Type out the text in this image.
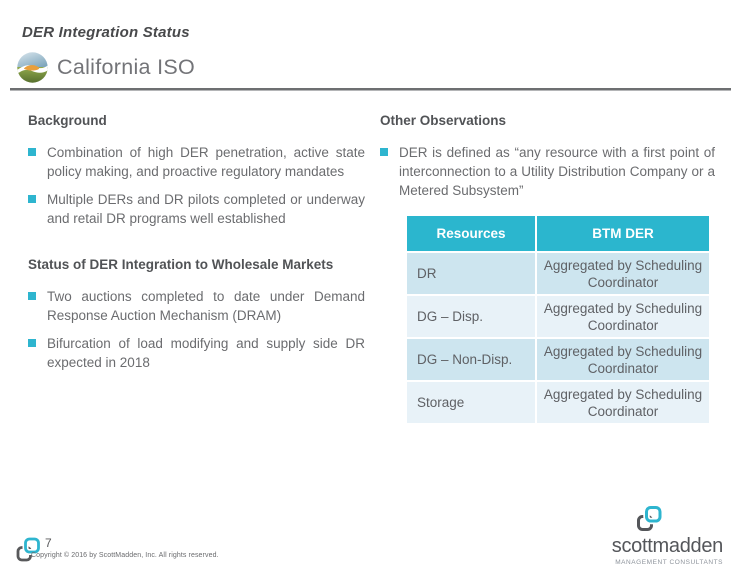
DER Integration Status
California ISO
Background
Combination of high DER penetration, active state policy making, and proactive regulatory mandates
Multiple DERs and DR pilots completed or underway and retail DR programs well established
Status of DER Integration to Wholesale Markets
Two auctions completed to date under Demand Response Auction Mechanism (DRAM)
Bifurcation of load modifying and supply side DR expected in 2018
Other Observations
DER is defined as “any resource with a first point of interconnection to a Utility Distribution Company or a Metered Subsystem”
Resources	BTM DER
DR	Aggregated by Scheduling Coordinator
DG – Disp.	Aggregated by Scheduling Coordinator
DG – Non-Disp.	Aggregated by Scheduling Coordinator
Storage	Aggregated by Scheduling Coordinator
7
Copyright © 2016 by ScottMadden, Inc. All rights reserved.	scottmadden
MANAGEMENT CONSULTANTS
